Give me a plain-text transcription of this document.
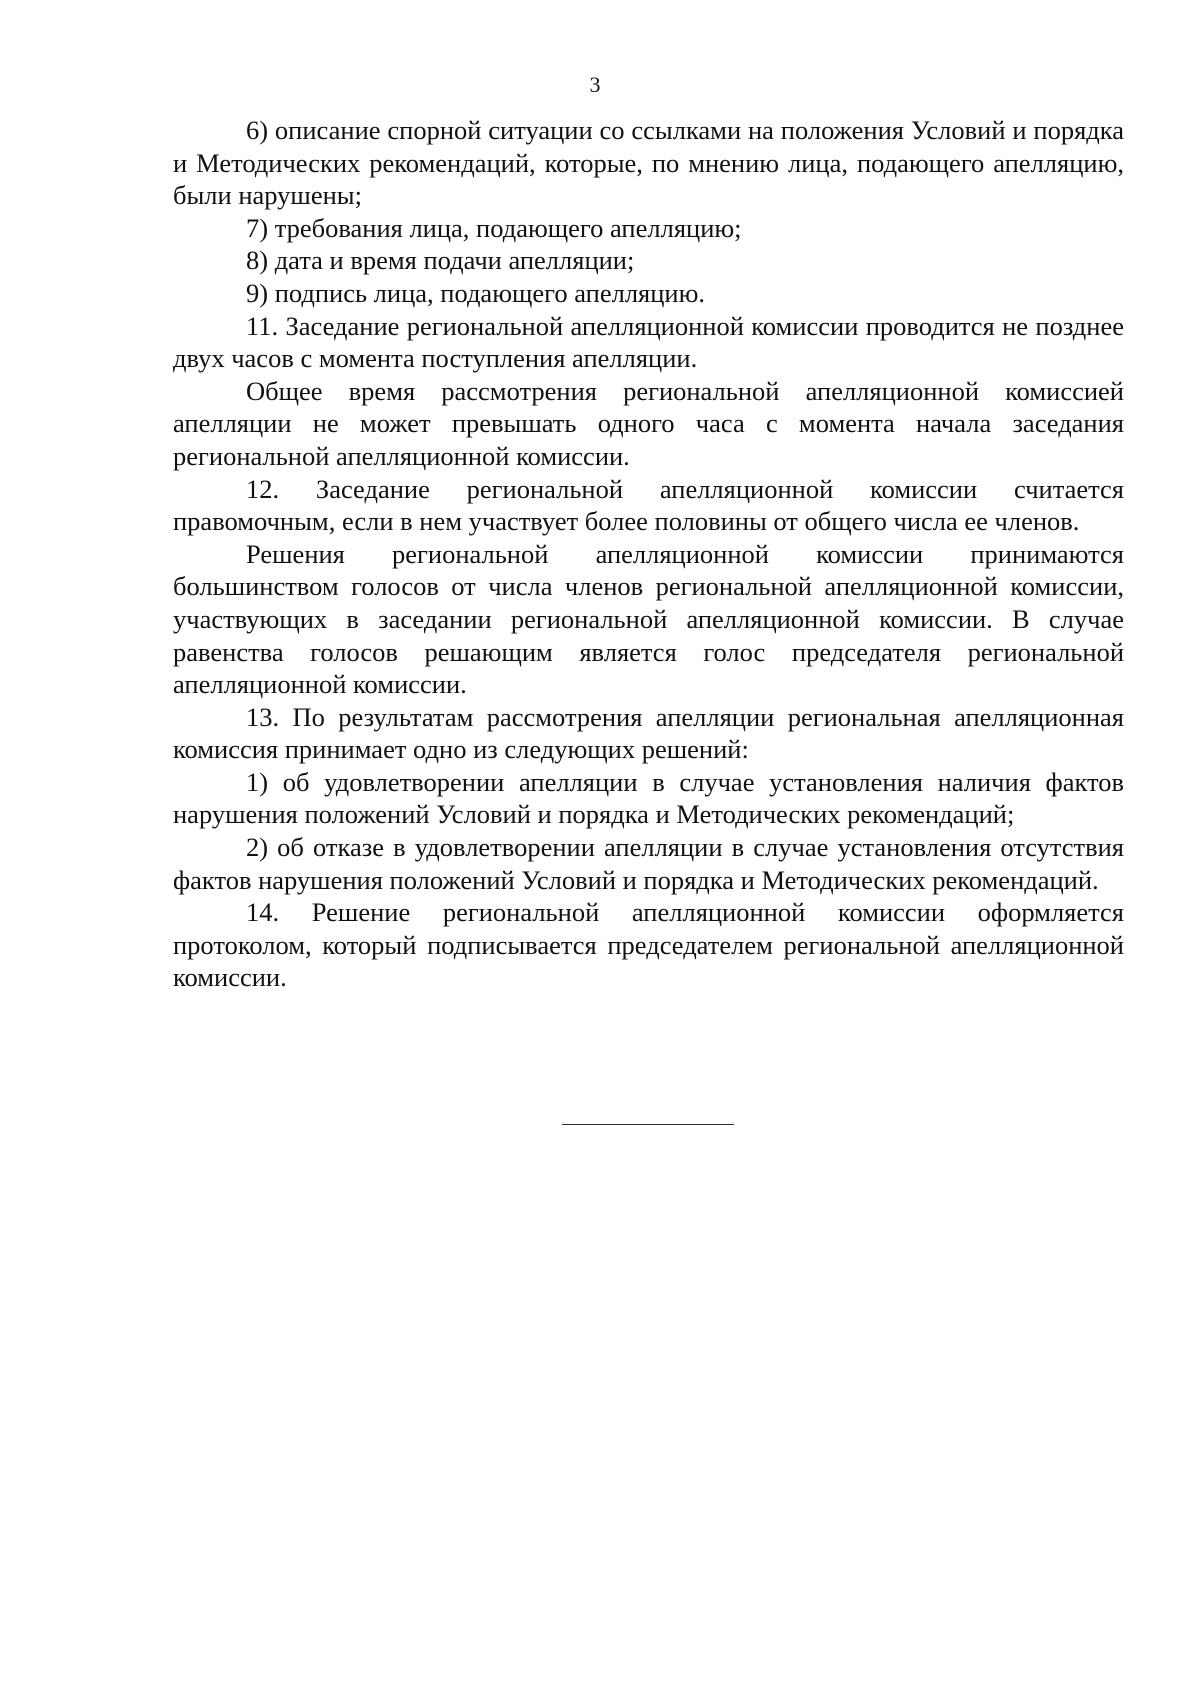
3

6) описание спорной ситуации со ссылками на положения Условий и порядка и Методических рекомендаций, которые, по мнению лица, подающего апелляцию, были нарушены;

7) требования лица, подающего апелляцию;

8) дата и время подачи апелляции;

9) подпись лица, подающего апелляцию.

11. Заседание региональной апелляционной комиссии проводится не позднее двух часов с момента поступления апелляции.

Общее время рассмотрения региональной апелляционной комиссией апелляции не может превышать одного часа с момента начала заседания региональной апелляционной комиссии.

12. Заседание региональной апелляционной комиссии считается правомочным, если в нем участвует более половины от общего числа ее членов.

Решения региональной апелляционной комиссии принимаются большинством голосов от числа членов региональной апелляционной комиссии, участвующих в заседании региональной апелляционной комиссии. В случае равенства голосов решающим является голос председателя региональной апелляционной комиссии.

13. По результатам рассмотрения апелляции региональная апелляционная комиссия принимает одно из следующих решений:

1) об удовлетворении апелляции в случае установления наличия фактов нарушения положений Условий и порядка и Методических рекомендаций;

2) об отказе в удовлетворении апелляции в случае установления отсутствия фактов нарушения положений Условий и порядка и Методических рекомендаций.

14. Решение региональной апелляционной комиссии оформляется протоколом, который подписывается председателем региональной апелляционной комиссии.
